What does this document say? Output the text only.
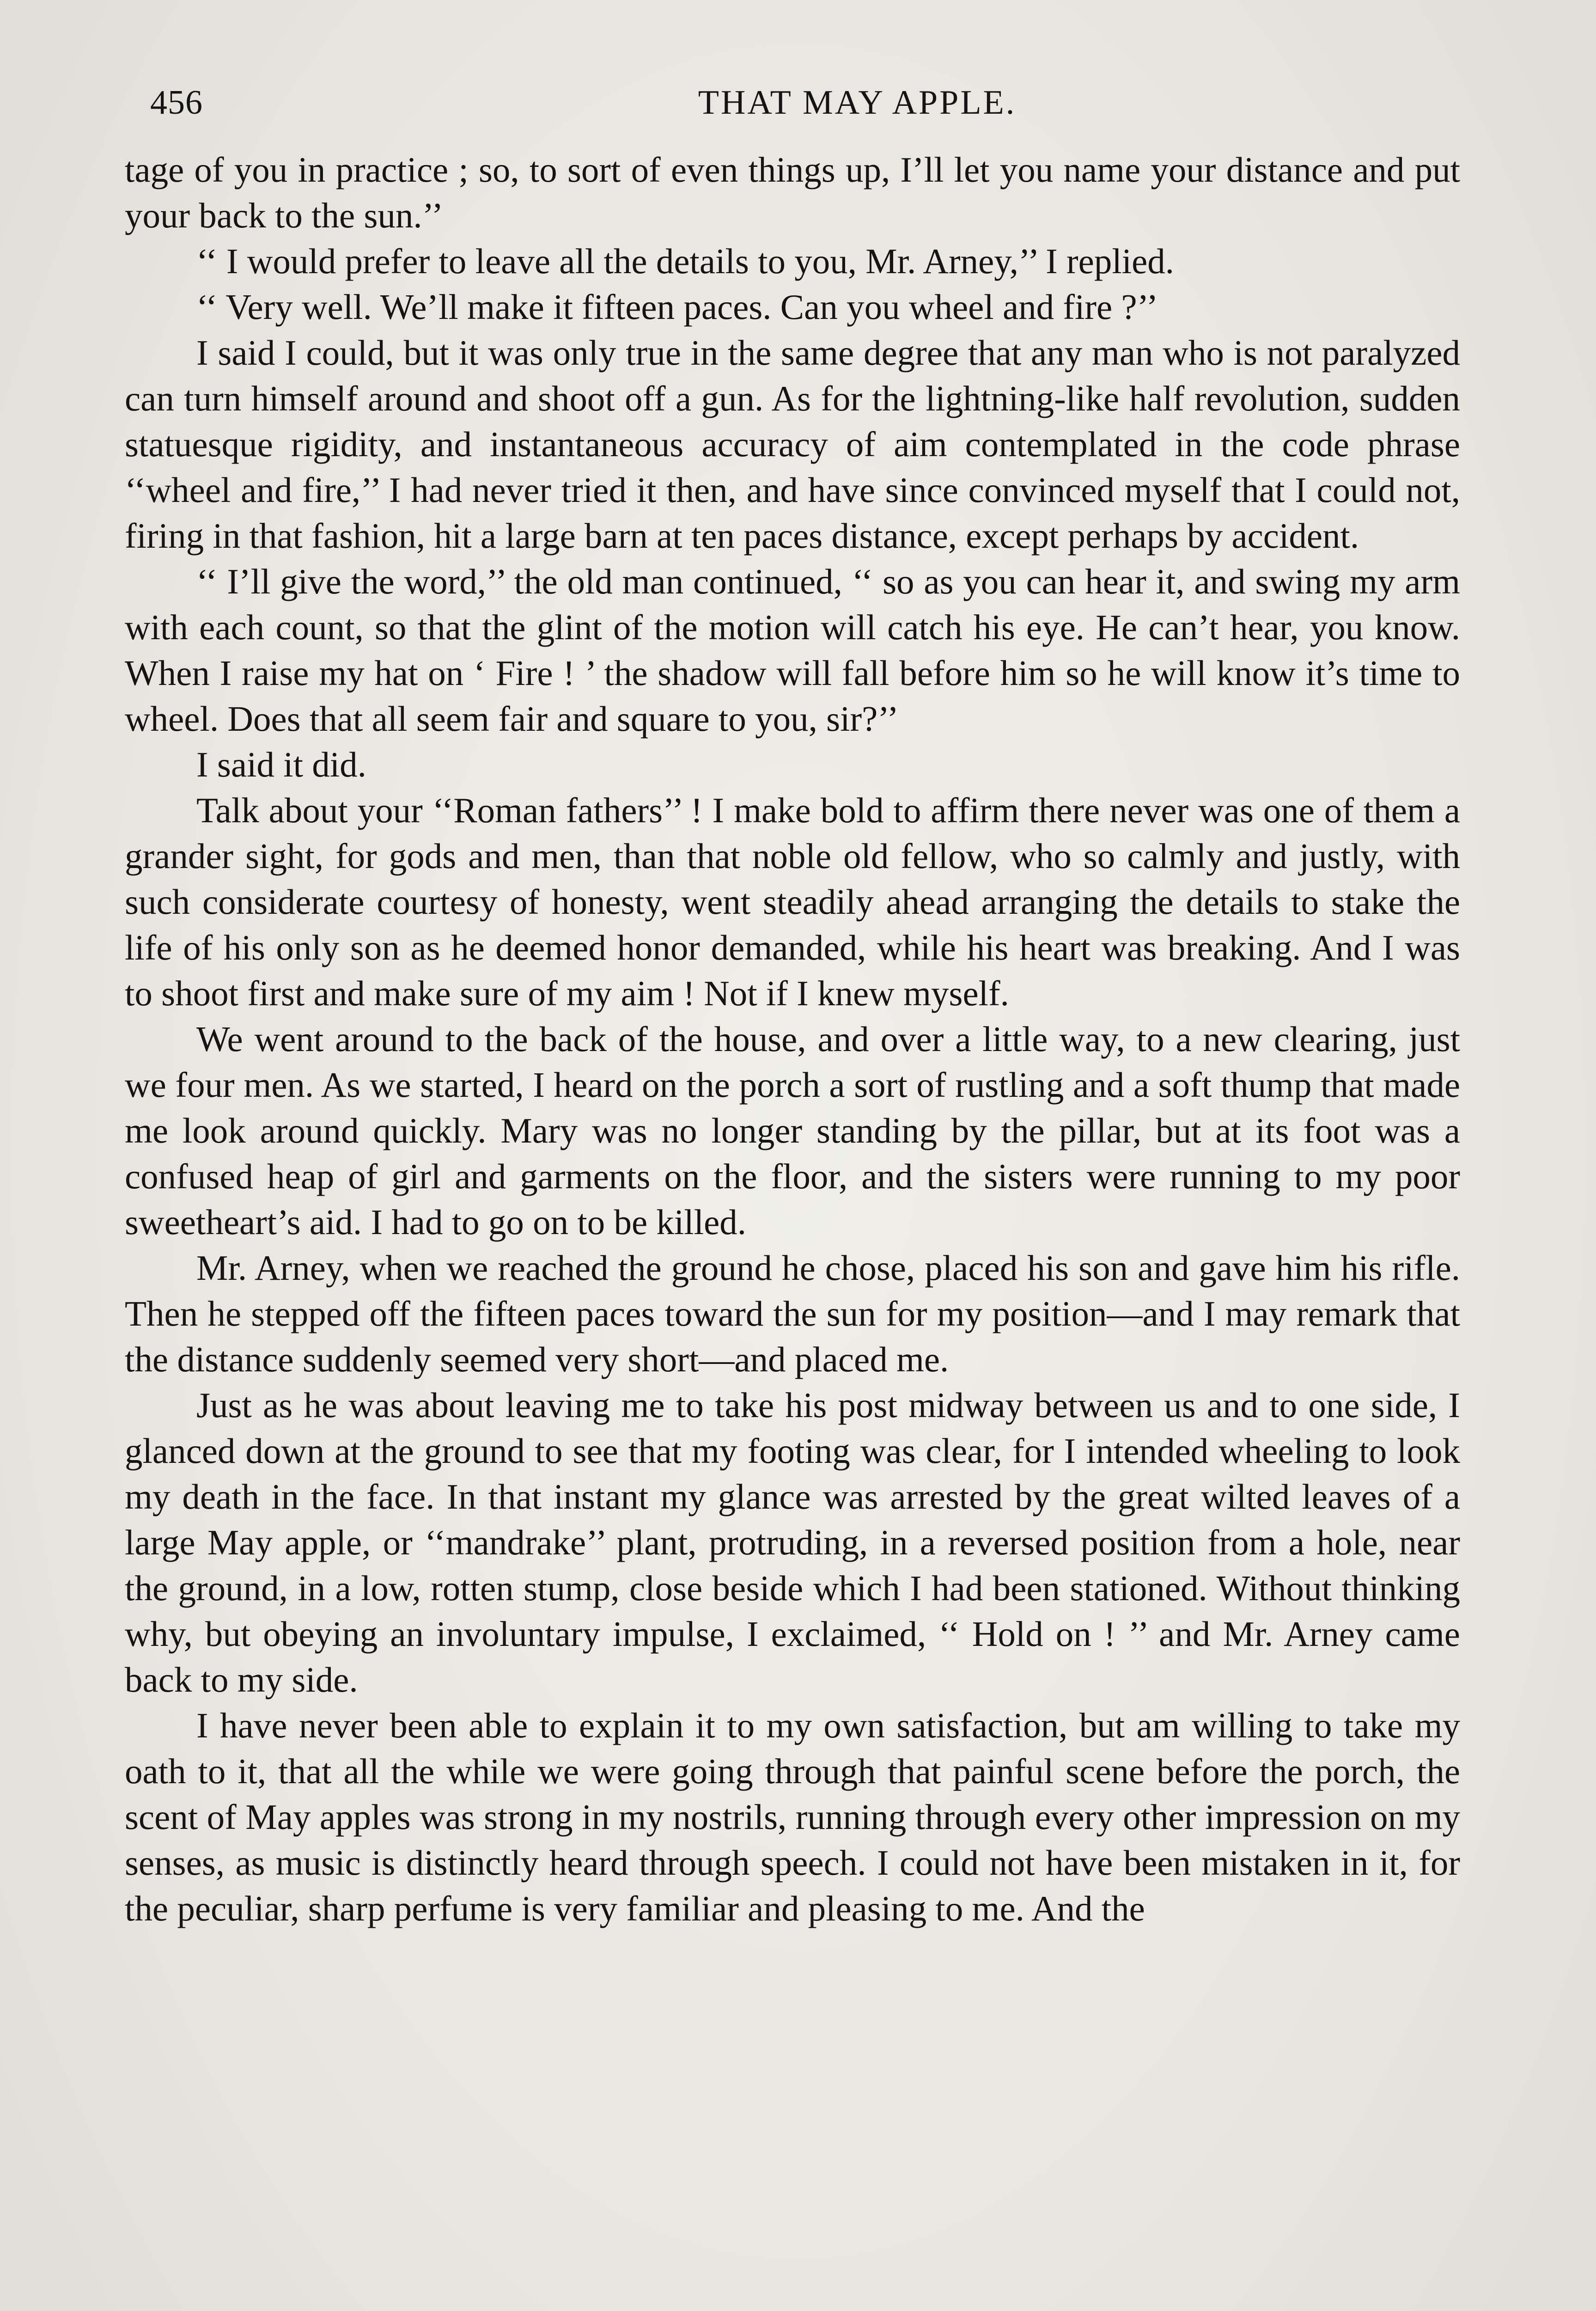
456	THAT MAY APPLE.

tage of you in practice ; so, to sort of even things up, I’ll let you name your distance and put your back to the sun.’’

‘‘ I would prefer to leave all the details to you, Mr. Arney,’’ I replied.

‘‘ Very well. We’ll make it fifteen paces. Can you wheel and fire ?’’

I said I could, but it was only true in the same degree that any man who is not paralyzed can turn himself around and shoot off a gun. As for the lightning-like half revolution, sudden statuesque rigidity, and instantaneous accuracy of aim contemplated in the code phrase ‘‘wheel and fire,’’ I had never tried it then, and have since convinced myself that I could not, firing in that fashion, hit a large barn at ten paces distance, except perhaps by accident.

‘‘ I’ll give the word,’’ the old man continued, ‘‘ so as you can hear it, and swing my arm with each count, so that the glint of the motion will catch his eye. He can’t hear, you know. When I raise my hat on ‘ Fire ! ’ the shadow will fall before him so he will know it’s time to wheel. Does that all seem fair and square to you, sir?’’

I said it did.

Talk about your ‘‘Roman fathers’’ ! I make bold to affirm there never was one of them a grander sight, for gods and men, than that noble old fellow, who so calmly and justly, with such considerate courtesy of honesty, went steadily ahead arranging the details to stake the life of his only son as he deemed honor demanded, while his heart was breaking. And I was to shoot first and make sure of my aim ! Not if I knew myself.

We went around to the back of the house, and over a little way, to a new clearing, just we four men. As we started, I heard on the porch a sort of rustling and a soft thump that made me look around quickly. Mary was no longer standing by the pillar, but at its foot was a confused heap of girl and garments on the floor, and the sisters were running to my poor sweetheart’s aid. I had to go on to be killed.

Mr. Arney, when we reached the ground he chose, placed his son and gave him his rifle. Then he stepped off the fifteen paces toward the sun for my position—and I may remark that the distance suddenly seemed very short—and placed me.

Just as he was about leaving me to take his post midway between us and to one side, I glanced down at the ground to see that my footing was clear, for I intended wheeling to look my death in the face. In that instant my glance was arrested by the great wilted leaves of a large May apple, or ‘‘mandrake’’ plant, protruding, in a reversed position from a hole, near the ground, in a low, rotten stump, close beside which I had been stationed. Without thinking why, but obeying an involuntary impulse, I exclaimed, ‘‘ Hold on ! ’’ and Mr. Arney came back to my side.

I have never been able to explain it to my own satisfaction, but am willing to take my oath to it, that all the while we were going through that painful scene before the porch, the scent of May apples was strong in my nostrils, running through every other impression on my senses, as music is distinctly heard through speech. I could not have been mistaken in it, for the peculiar, sharp perfume is very familiar and pleasing to me. And the
